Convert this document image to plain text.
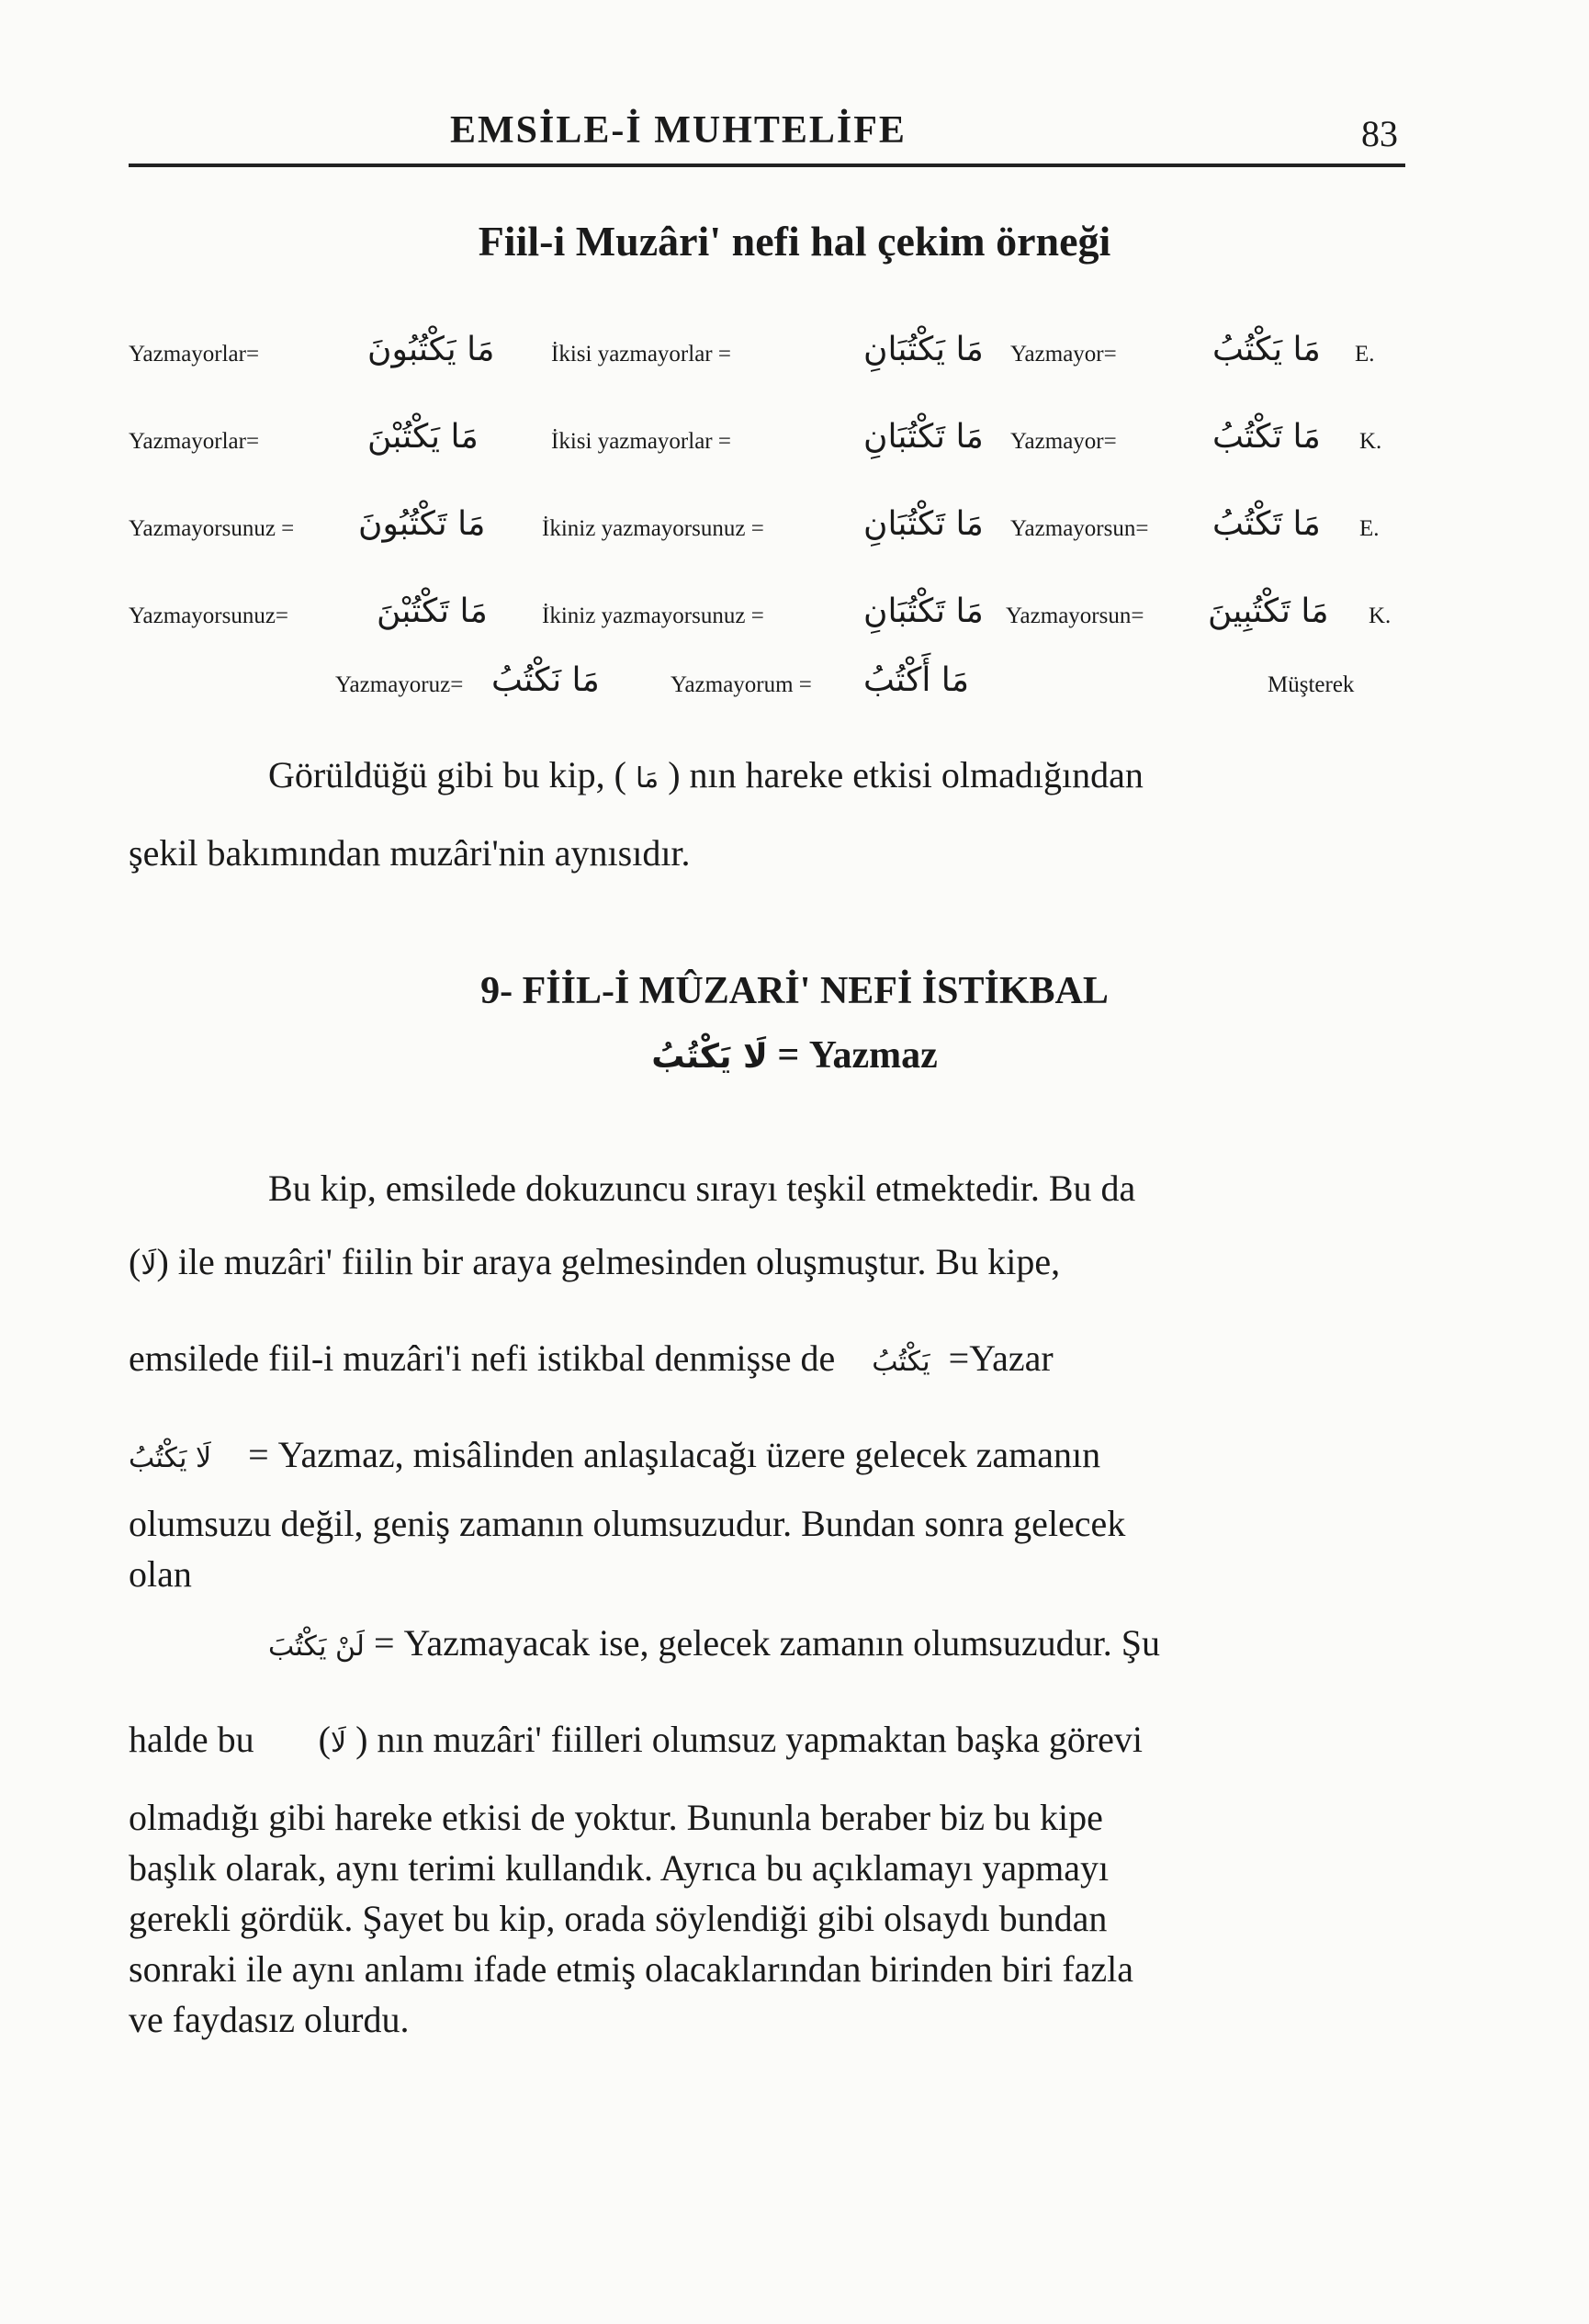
EMSİLE-İ MUHTELİFE	83
Fiil-i Muzâri' nefi hal çekim örneği
Yazmayorlar=	مَا يَكْتُبُونَ İkisi yazmayorlar =	مَا يَكْتُبَانِ Yazmayor=	مَا يَكْتُبُ E.
Yazmayorlar=	مَا يَكْتُبْنَ	İkisi yazmayorlar =	مَا تَكْتُبَانِ Yazmayor=	مَا تَكْتُبُ K.
Yazmayorsunuz = مَا تَكْتُبُونَ İkiniz yazmayorsunuz =	مَا تَكْتُبَانِ Yazmayorsun= مَا تَكْتُبُ E.
Yazmayorsunuz=	مَا تَكْتُبْنَ İkiniz yazmayorsunuz =	مَا تَكْتُبَانِ Yazmayorsun= مَا تَكْتُبِينَ K.
Yazmayoruz= مَا نَكْتُبُ	Yazmayorum = مَا أَكْتُبُ	Müşterek
Görüldüğü gibi bu kip, ( مَا ) nın hareke etkisi olmadığından
şekil bakımından muzâri'nin aynısıdır.
9- FİİL-İ MÛZARİ' NEFİ İSTİKBAL
لَا يَكْتُبُ = Yazmaz
Bu kip, emsilede dokuzuncu sırayı teşkil etmektedir. Bu da
(لَا) ile muzâri' fiilin bir araya gelmesinden oluşmuştur. Bu kipe,
emsilede fiil-i muzâri'i nefi istikbal denmişse de يَكْتُبُ =Yazar
لَا يَكْتُبُ = Yazmaz, misâlinden anlaşılacağı üzere gelecek zamanın
olumsuzu değil, geniş zamanın olumsuzudur. Bundan sonra gelecek
olan
لَنْ يَكْتُبَ = Yazmayacak ise, gelecek zamanın olumsuzudur. Şu
halde bu (لَا ) nın muzâri' fiilleri olumsuz yapmaktan başka görevi
olmadığı gibi hareke etkisi de yoktur. Bununla beraber biz bu kipe
başlık olarak, aynı terimi kullandık. Ayrıca bu açıklamayı yapmayı
gerekli gördük. Şayet bu kip, orada söylendiği gibi olsaydı bundan
sonraki ile aynı anlamı ifade etmiş olacaklarından birinden biri fazla
ve faydasız olurdu.
